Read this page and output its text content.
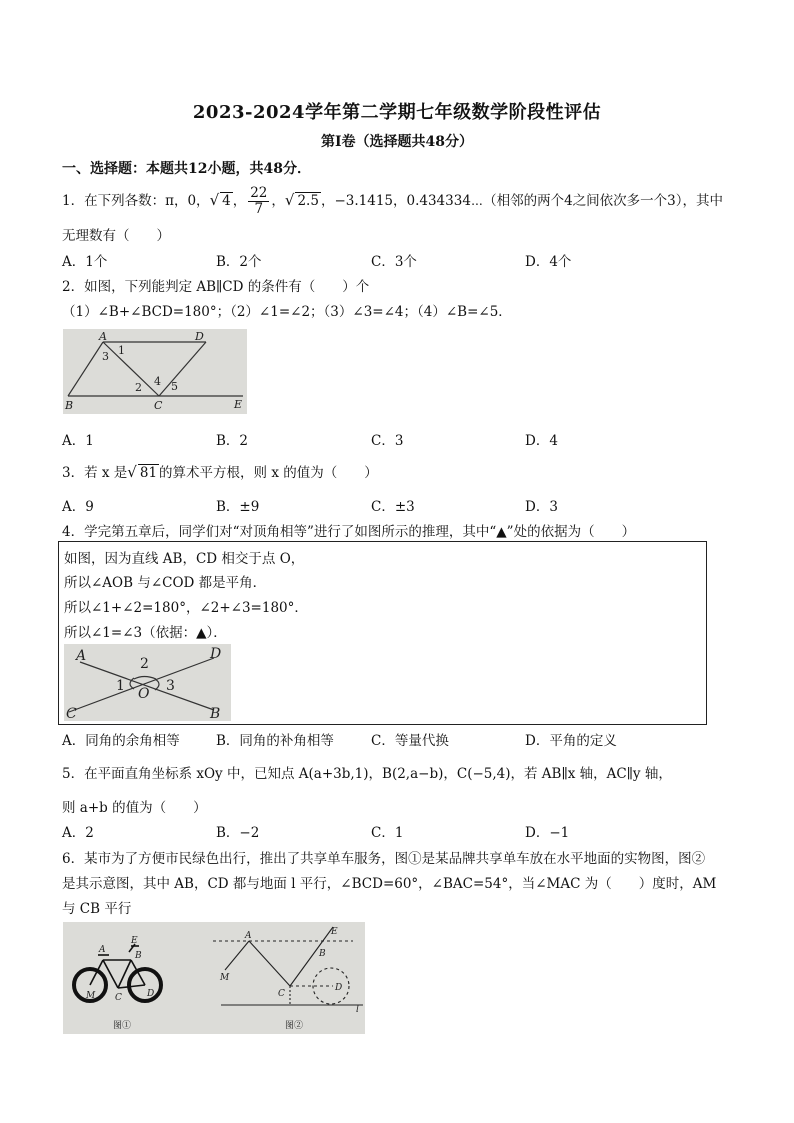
2023-2024学年第二学期七年级数学阶段性评估
第Ⅰ卷（选择题共48分）
一、选择题：本题共12小题，共48分．
1．在下列各数：π，0，√ 4 ， $\frac{22}{7}$ ，√ 2.5 ，−3.1415，0.434334⋯（相邻的两个4之间依次多一个3），其中
无理数有（　　）
A．1个	B．2个	C．3个	D．4个
2．如图，下列能判定 AB∥CD 的条件有（　　）个
（1）∠B+∠BCD=180°；（2）∠1=∠2；（3）∠3=∠4；（4）∠B=∠5．
A	D
1
3
4
2	5
B	C	E
A．1	B．2	C．3	D．4
3．若 x 是√ 81 的算术平方根，则 x 的值为（　　）
A．9	B．±9	C．±3	D．3
4．学完第五章后，同学们对“对顶角相等”进行了如图所示的推理，其中“▲”处的依据为（　　）
如图，因为直线 AB，CD 相交于点 O，
所以∠AOB 与∠COD 都是平角．
所以∠1+∠2=180°，∠2+∠3=180°．
所以∠1=∠3（依据：▲）．
A	2
D
1 O 3
C	B
A．同角的余角相等	B．同角的补角相等	C．等量代换	D．平角的定义
5．在平面直角坐标系 xOy 中，已知点 A(a+3b,1)，B(2,a−b)，C(−5,4)，若 AB∥x 轴，AC∥y 轴，
则 a+b 的值为（　　）
A．2	B．−2	C．1	D．−1
6．某市为了方便市民绿色出行，推出了共享单车服务，图①是某品牌共享单车放在水平地面的实物图，图②
是其示意图，其中 AB，CD 都与地面 l 平行，∠BCD=60°，∠BAC=54°，当∠MAC 为（　　）度时，AM
与 CB 平行
E
A
B
M C	D
图①
A	E
B
M
C
D
l
图②
